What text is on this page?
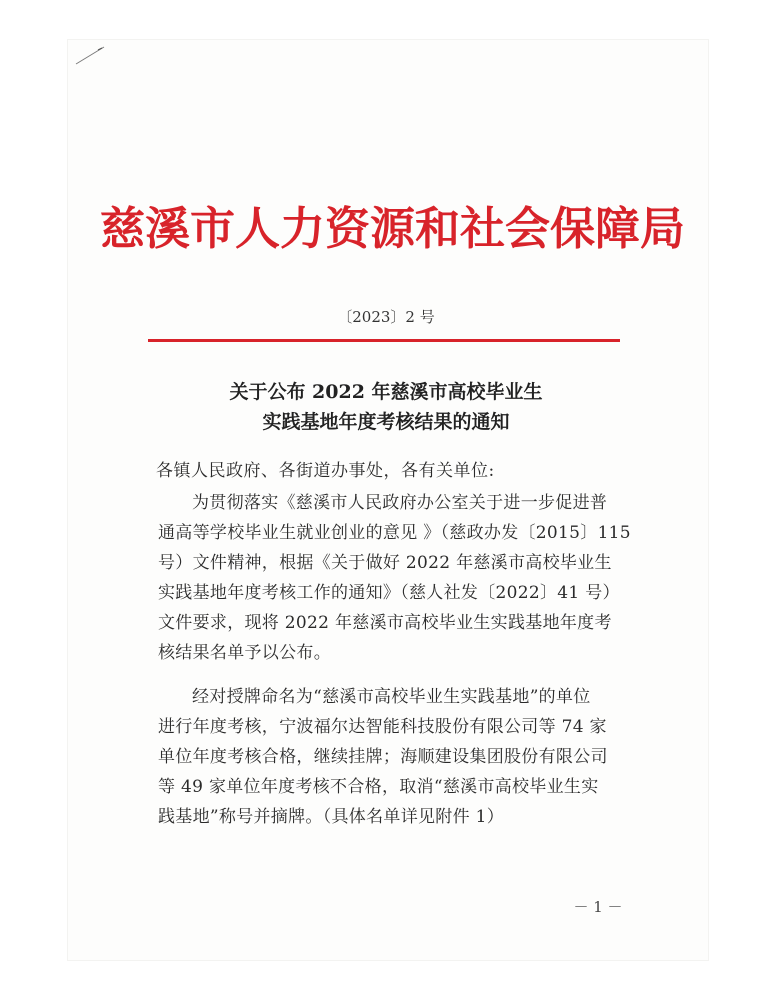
慈溪市人力资源和社会保障局
〔2023〕2 号
关于公布 2022 年慈溪市高校毕业生
实践基地年度考核结果的通知
各镇人民政府、各街道办事处，各有关单位:
为贯彻落实《慈溪市人民政府办公室关于进一步促进普
通高等学校毕业生就业创业的意见 》（慈政办发〔2015〕115
号）文件精神，根据《关于做好 2022 年慈溪市高校毕业生
实践基地年度考核工作的通知》（慈人社发〔2022〕41 号）
文件要求，现将 2022 年慈溪市高校毕业生实践基地年度考
核结果名单予以公布。
经对授牌命名为“慈溪市高校毕业生实践基地”的单位
进行年度考核，宁波福尔达智能科技股份有限公司等 74 家
单位年度考核合格，继续挂牌；海顺建设集团股份有限公司
等 49 家单位年度考核不合格，取消“慈溪市高校毕业生实
践基地”称号并摘牌。（具体名单详见附件 1）
－ 1 －
